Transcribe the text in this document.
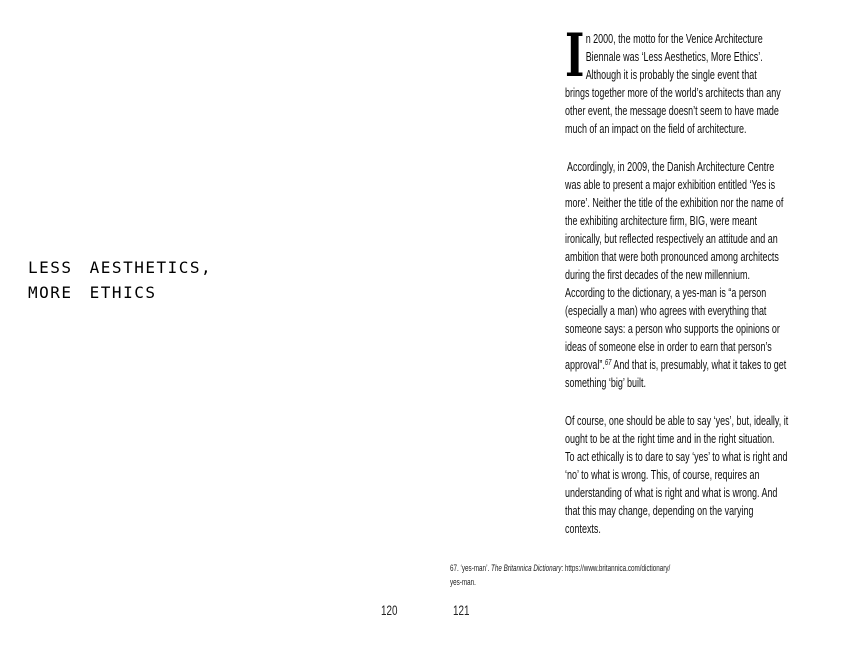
LESS AESTHETICS,
MORE ETHICS
120
I n 2000, the motto for the Venice Architecture
Biennale was ‘Less Aesthetics, More Ethics’.
Although it is probably the single event that
brings together more of the world’s architects than any
other event, the message doesn’t seem to have made
much of an impact on the field of architecture.
Accordingly, in 2009, the Danish Architecture Centre
was able to present a major exhibition entitled ‘Yes is
more’. Neither the title of the exhibition nor the name of
the exhibiting architecture firm, BIG, were meant
ironically, but reflected respectively an attitude and an
ambition that were both pronounced among architects
during the first decades of the new millennium.
According to the dictionary, a yes-man is “a person
(especially a man) who agrees with everything that
someone says: a person who supports the opinions or
ideas of someone else in order to earn that person’s
approval”.$^{67}$ And that is, presumably, what it takes to get
something ‘big’ built.
Of course, one should be able to say ‘yes’, but, ideally, it
ought to be at the right time and in the right situation.
To act ethically is to dare to say ‘yes’ to what is right and
‘no’ to what is wrong. This, of course, requires an
understanding of what is right and what is wrong. And
that this may change, depending on the varying
contexts.
67. ‘yes-man’. The Britannica Dictionary: https://www.britannica.com/dictionary/
yes-man.
121
